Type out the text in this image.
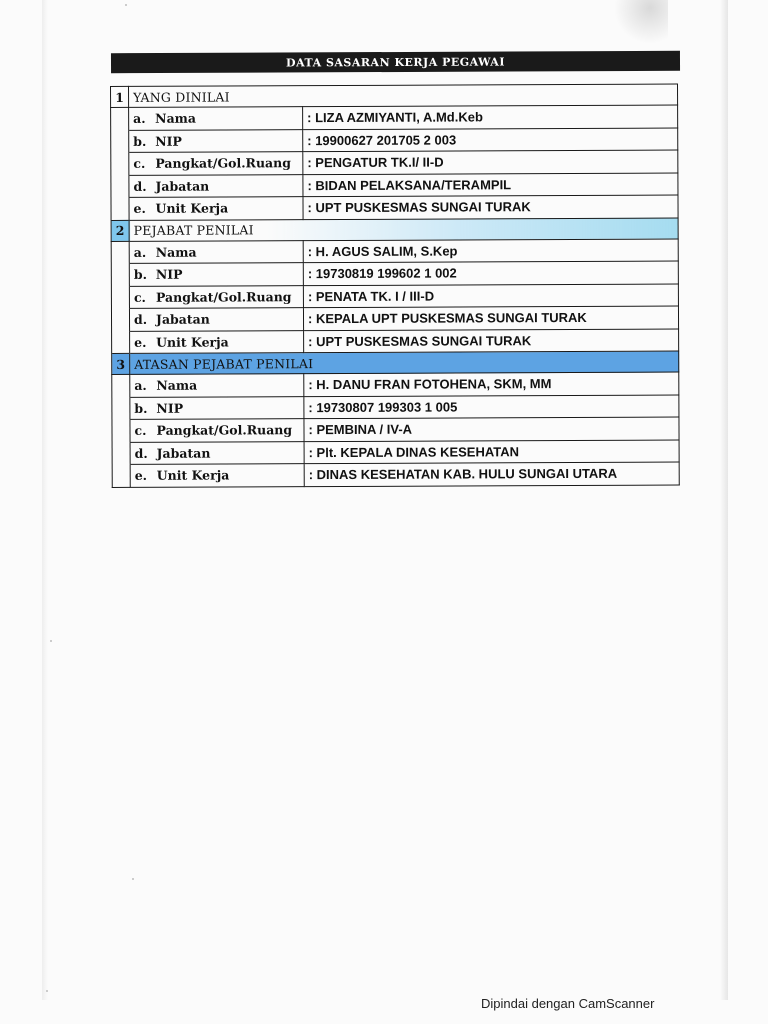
DATA SASARAN KERJA PEGAWAI
1	YANG DINILAI	
	a. Nama	: LIZA AZMIYANTI, A.Md.Keb
	b. NIP	: 19900627 201705 2 003
	c. Pangkat/Gol.Ruang	: PENGATUR TK.I/ II-D
	d. Jabatan	: BIDAN PELAKSANA/TERAMPIL
	e. Unit Kerja	: UPT PUSKESMAS SUNGAI TURAK
2	PEJABAT PENILAI	
	a. Nama	: H. AGUS SALIM, S.Kep
	b. NIP	: 19730819 199602 1 002
	c. Pangkat/Gol.Ruang	: PENATA TK. I / III-D
	d. Jabatan	: KEPALA UPT PUSKESMAS SUNGAI TURAK
	e. Unit Kerja	: UPT PUSKESMAS SUNGAI TURAK
3	ATASAN PEJABAT PENILAI	
	a. Nama	: H. DANU FRAN FOTOHENA, SKM, MM
	b. NIP	: 19730807 199303 1 005
	c. Pangkat/Gol.Ruang	: PEMBINA / IV-A
	d. Jabatan	: Plt. KEPALA DINAS KESEHATAN
	e. Unit Kerja	: DINAS KESEHATAN KAB. HULU SUNGAI UTARA
Dipindai dengan CamScanner
